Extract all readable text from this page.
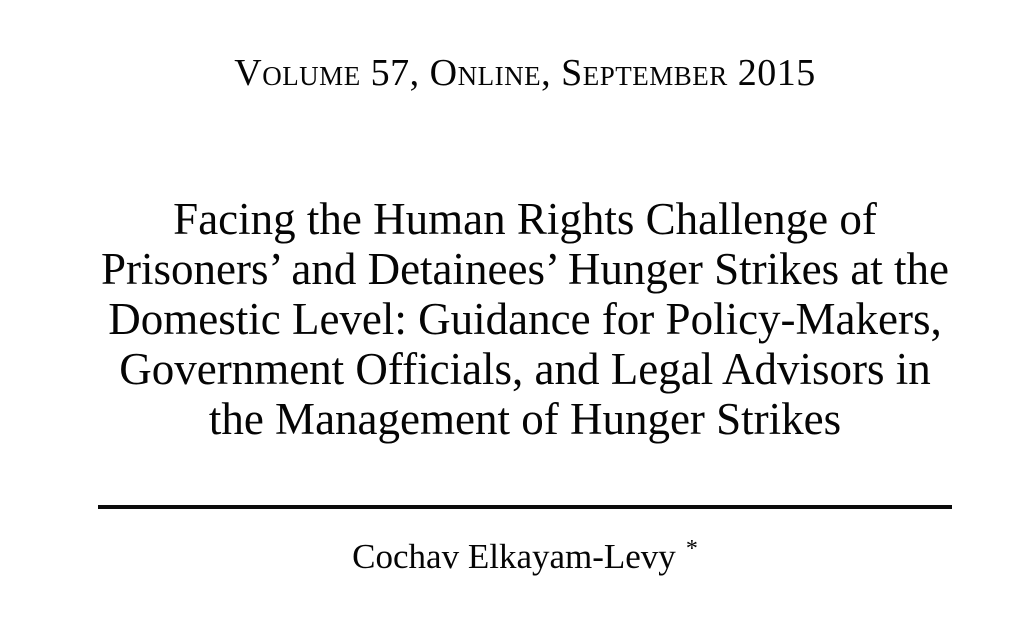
Volume 57, Online, September 2015
Facing the Human Rights Challenge of
Prisoners’ and Detainees’ Hunger Strikes at the
Domestic Level: Guidance for Policy-Makers,
Government Officials, and Legal Advisors in
the Management of Hunger Strikes
Cochav Elkayam-Levy *
